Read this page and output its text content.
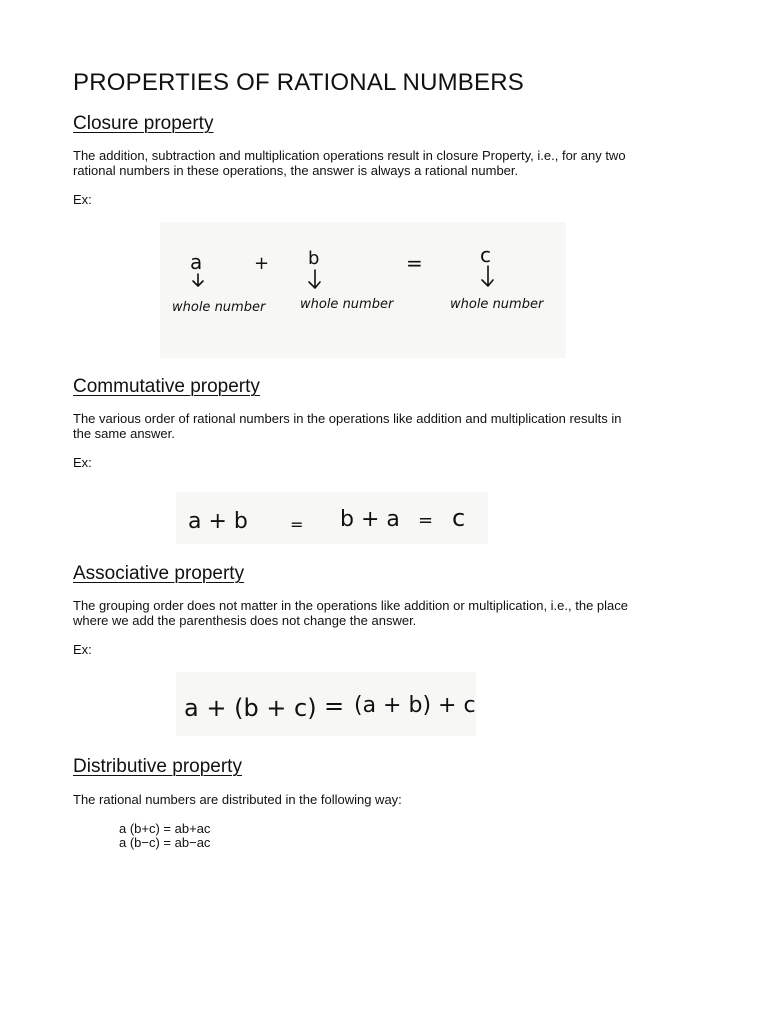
PROPERTIES OF RATIONAL NUMBERS
Closure property

The addition, subtraction and multiplication operations result in closure Property, i.e., for any two
rational numbers in these operations, the answer is always a rational number.

Ex:

a	+ b	=	c
whole number	whole number	whole number
Commutative property

The various order of rational numbers in the operations like addition and multiplication results in
the same answer.

Ex:

a + b	= b + a = c
Associative property

The grouping order does not matter in the operations like addition or multiplication, i.e., the place
where we add the parenthesis does not change the answer.

Ex:

a + (b + c) = (a + b) + c
Distributive property

The rational numbers are distributed in the following way:

a (b+c) = ab+ac

a (b−c) = ab−ac
